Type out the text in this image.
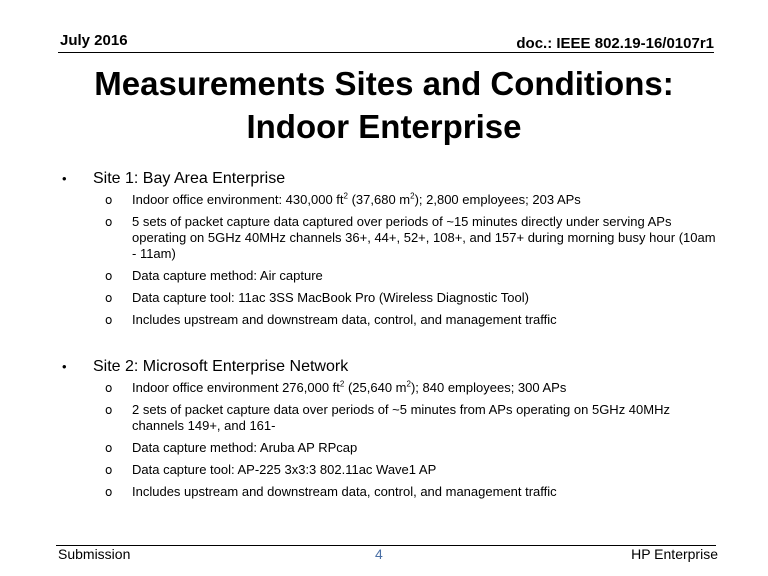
July 2016	doc.: IEEE 802.19-16/0107r1
Measurements Sites and Conditions:
Indoor Enterprise
•	Site 1: Bay Area Enterprise
o	Indoor office environment: 430,000 $ft^2$ (37,680 $m^2$); 2,800 employees; 203 APs
o	5 sets of packet capture data captured over periods of ~15 minutes directly under serving APs operating on 5GHz 40MHz channels 36+, 44+, 52+, 108+, and 157+ during morning busy hour (10am - 11am)
o	Data capture method: Air capture
o	Data capture tool: 11ac 3SS MacBook Pro (Wireless Diagnostic Tool)
o	Includes upstream and downstream data, control, and management traffic
•	Site 2: Microsoft Enterprise Network
o	Indoor office environment 276,000 $ft^2$ (25,640 $m^2$); 840 employees; 300 APs
o	2 sets of packet capture data over periods of ~5 minutes from APs operating on 5GHz 40MHz channels 149+, and 161-
o	Data capture method: Aruba AP RPcap
o	Data capture tool: AP-225 3x3:3 802.11ac Wave1 AP
o	Includes upstream and downstream data, control, and management traffic
Submission	4	HP Enterprise
